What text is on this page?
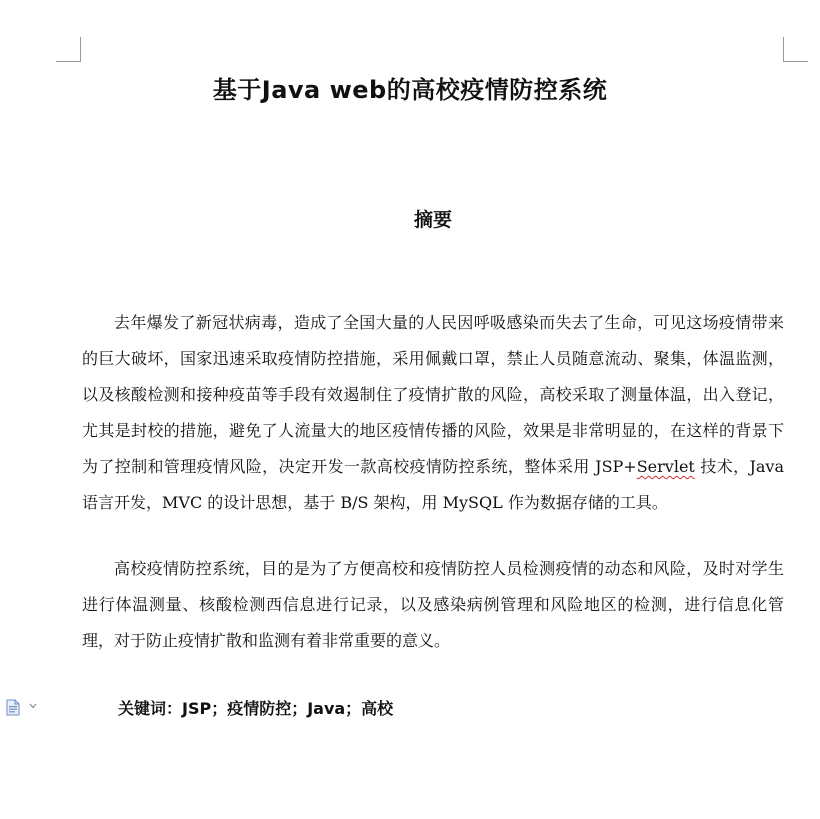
基于Java web的高校疫情防控系统
摘要

去年爆发了新冠状病毒，造成了全国大量的人民因呼吸感染而失去了生命，可见这场疫情带来的巨大破坏，国家迅速采取疫情防控措施，采用佩戴口罩，禁止人员随意流动、聚集，体温监测，以及核酸检测和接种疫苗等手段有效遏制住了疫情扩散的风险，高校采取了测量体温，出入登记，尤其是封校的措施，避免了人流量大的地区疫情传播的风险，效果是非常明显的，在这样的背景下为了控制和管理疫情风险，决定开发一款高校疫情防控系统，整体采用 JSP+Servlet 技术，Java 语言开发，MVC 的设计思想，基于 B/S 架构，用 MySQL 作为数据存储的工具。

高校疫情防控系统，目的是为了方便高校和疫情防控人员检测疫情的动态和风险，及时对学生进行体温测量、核酸检测西信息进行记录，以及感染病例管理和风险地区的检测，进行信息化管理，对于防止疫情扩散和监测有着非常重要的意义。

关键词：JSP；疫情防控；Java；高校
